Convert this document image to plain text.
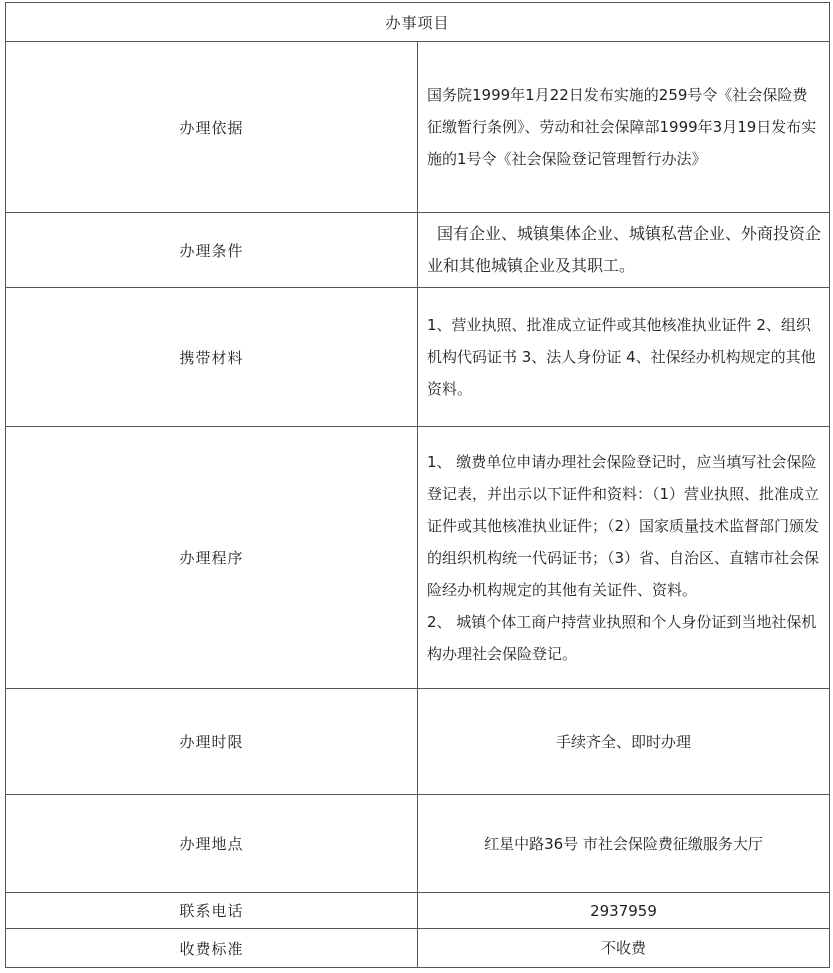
办事项目	
办理依据	国务院1999年1月22日发布实施的259号令《社会保险费征缴暂行条例》、劳动和社会保障部1999年3月19日发布实施的1号令《社会保险登记管理暂行办法》
办理条件	国有企业、城镇集体企业、城镇私营企业、外商投资企业和其他城镇企业及其职工。
携带材料	1、营业执照、批准成立证件或其他核准执业证件 2、组织机构代码证书 3、法人身份证 4、社保经办机构规定的其他资料。
办理程序	1、 缴费单位申请办理社会保险登记时，应当填写社会保险登记表，并出示以下证件和资料：（1）营业执照、批准成立证件或其他核准执业证件；（2）国家质量技术监督部门颁发的组织机构统一代码证书；（3）省、自治区、直辖市社会保险经办机构规定的其他有关证件、资料。

2、 城镇个体工商户持营业执照和个人身份证到当地社保机构办理社会保险登记。

办理时限	手续齐全、即时办理
办理地点	红星中路36号 市社会保险费征缴服务大厅
联系电话	2937959
收费标准	不收费
